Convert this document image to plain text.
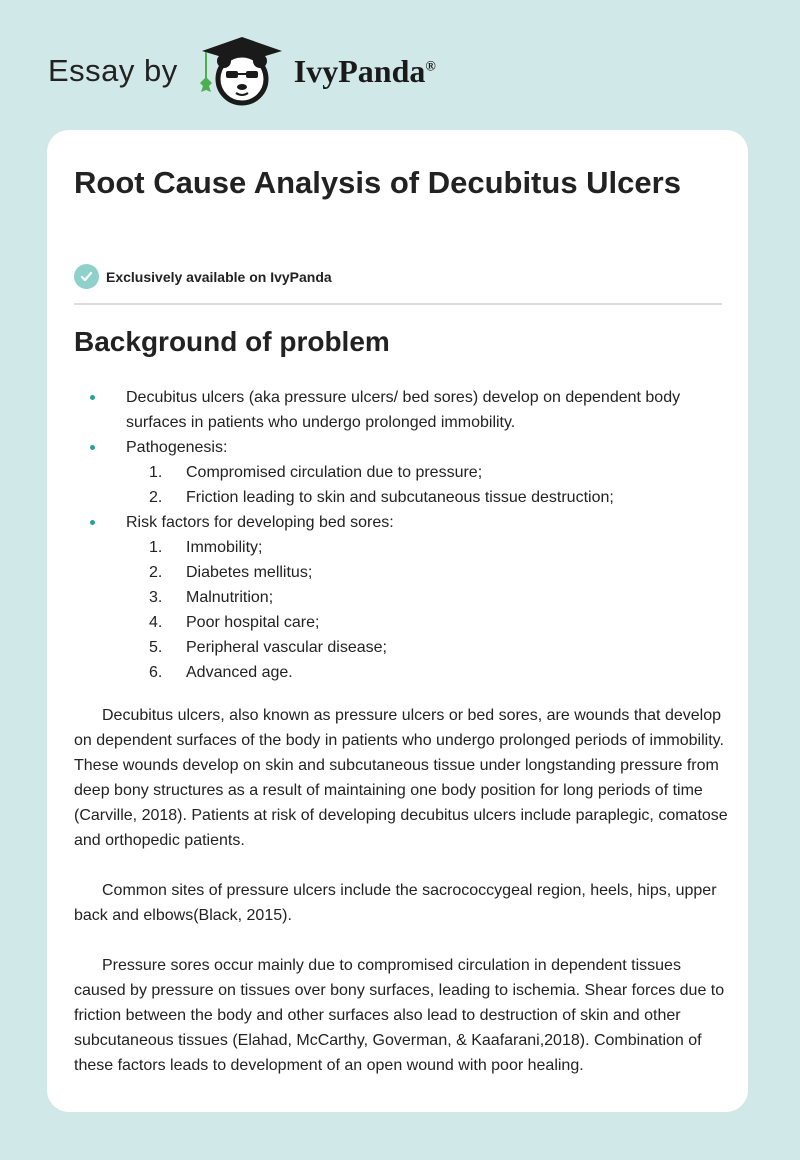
Essay by	IvyPanda®
Root Cause Analysis of Decubitus Ulcers
Exclusively available on IvyPanda
Background of problem
Decubitus ulcers (aka pressure ulcers/ bed sores) develop on dependent body surfaces in patients who undergo prolonged immobility.
Pathogenesis:
1. Compromised circulation due to pressure;
2. Friction leading to skin and subcutaneous tissue destruction;
Risk factors for developing bed sores:
1. Immobility;
2. Diabetes mellitus;
3. Malnutrition;
4. Poor hospital care;
5. Peripheral vascular disease;
6. Advanced age.

Decubitus ulcers, also known as pressure ulcers or bed sores, are wounds that develop on dependent surfaces of the body in patients who undergo prolonged periods of immobility. These wounds develop on skin and subcutaneous tissue under longstanding pressure from deep bony structures as a result of maintaining one body position for long periods of time (Carville, 2018). Patients at risk of developing decubitus ulcers include paraplegic, comatose and orthopedic patients.

Common sites of pressure ulcers include the sacrococcygeal region, heels, hips, upper back and elbows(Black, 2015).

Pressure sores occur mainly due to compromised circulation in dependent tissues caused by pressure on tissues over bony surfaces, leading to ischemia. Shear forces due to friction between the body and other surfaces also lead to destruction of skin and other subcutaneous tissues (Elahad, McCarthy, Goverman, & Kaafarani,2018). Combination of these factors leads to development of an open wound with poor healing.
